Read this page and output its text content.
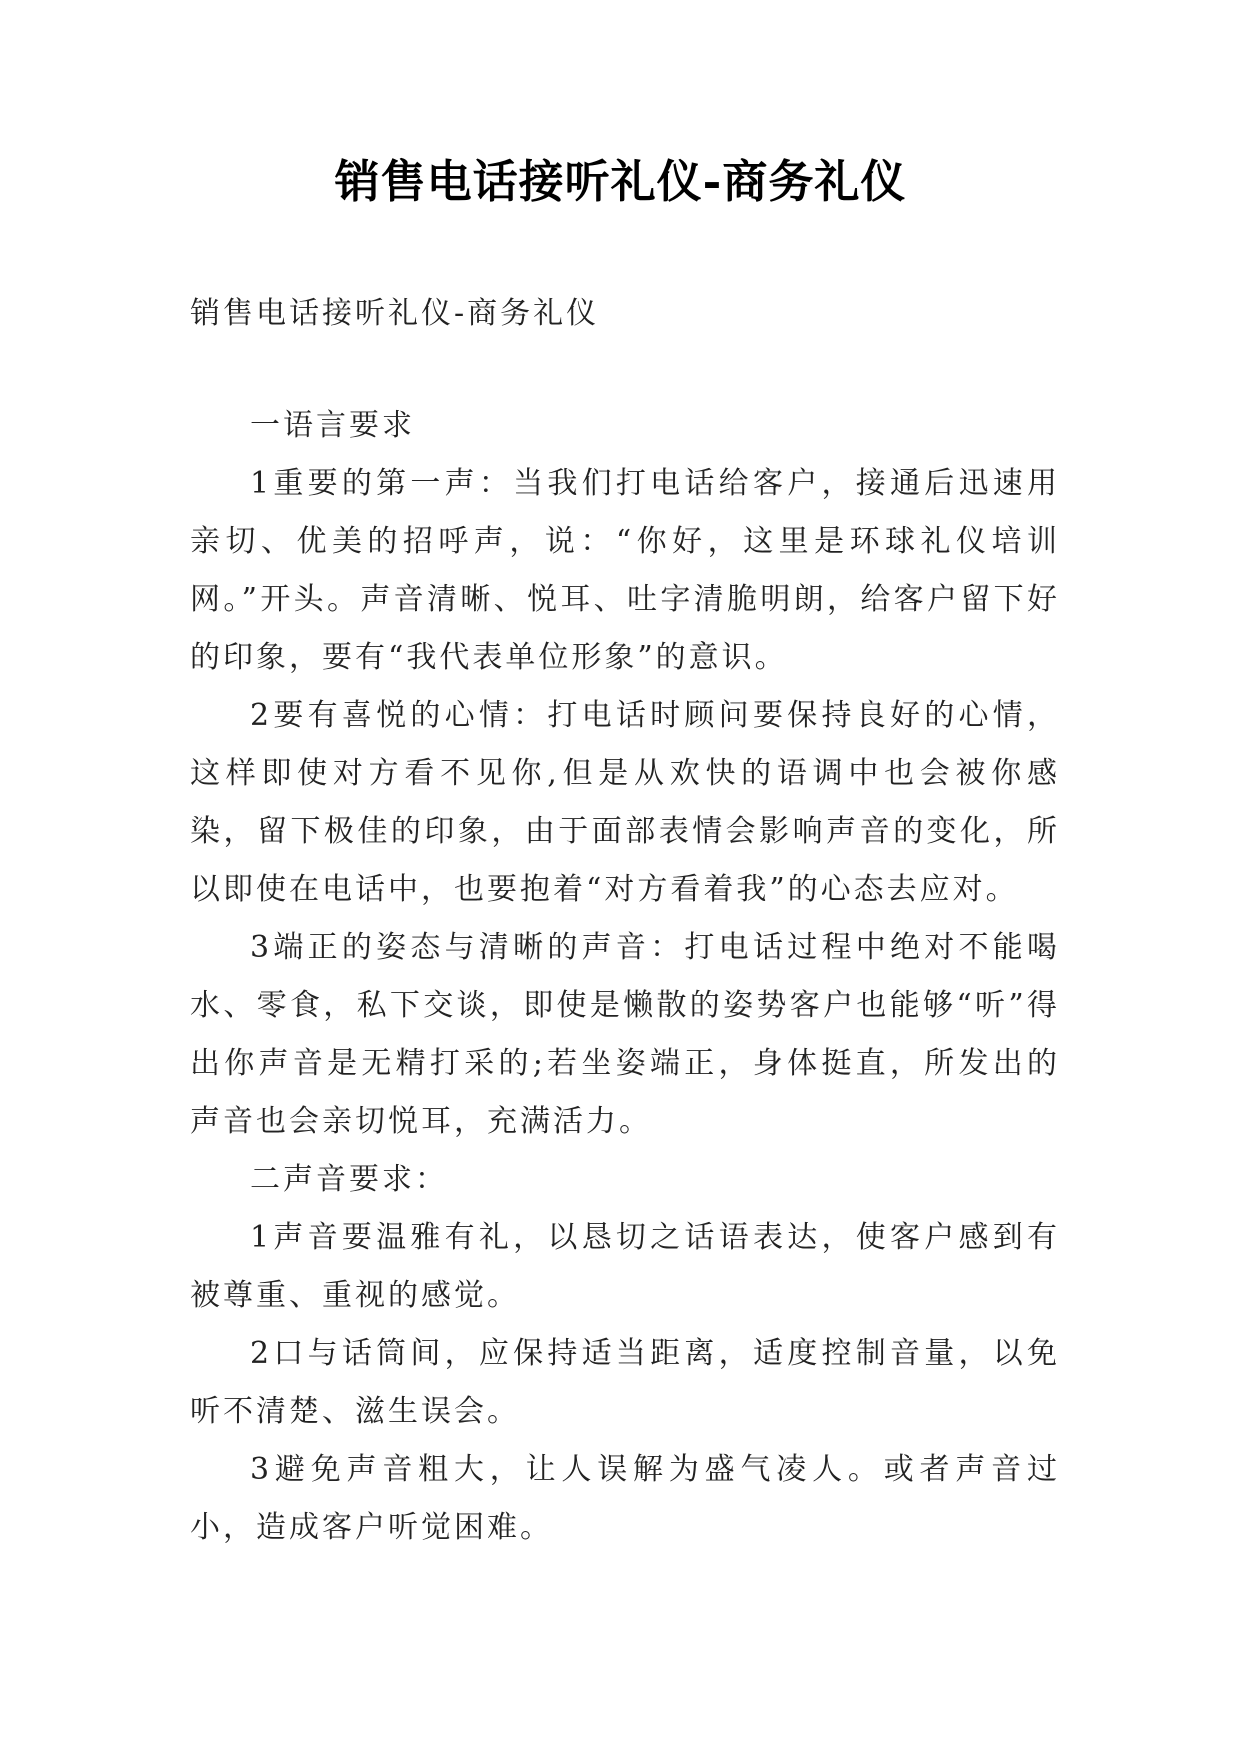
销售电话接听礼仪-商务礼仪

销售电话接听礼仪-商务礼仪

一语言要求

1重要的第一声：当我们打电话给客户，接通后迅速用亲切、优美的招呼声，说：“你好，这里是环球礼仪培训网。”开头。声音清晰、悦耳、吐字清脆明朗，给客户留下好的印象，要有“我代表单位形象”的意识。

2要有喜悦的心情：打电话时顾问要保持良好的心情，这样即使对方看不见你,但是从欢快的语调中也会被你感染，留下极佳的印象，由于面部表情会影响声音的变化，所以即使在电话中，也要抱着“对方看着我”的心态去应对。

3端正的姿态与清晰的声音：打电话过程中绝对不能喝水、零食，私下交谈，即使是懒散的姿势客户也能够“听”得出你声音是无精打采的;若坐姿端正，身体挺直，所发出的声音也会亲切悦耳，充满活力。

二声音要求：

1声音要温雅有礼，以恳切之话语表达，使客户感到有被尊重、重视的感觉。

2口与话筒间，应保持适当距离，适度控制音量，以免听不清楚、滋生误会。

3避免声音粗大，让人误解为盛气凌人。或者声音过小，造成客户听觉困难。
